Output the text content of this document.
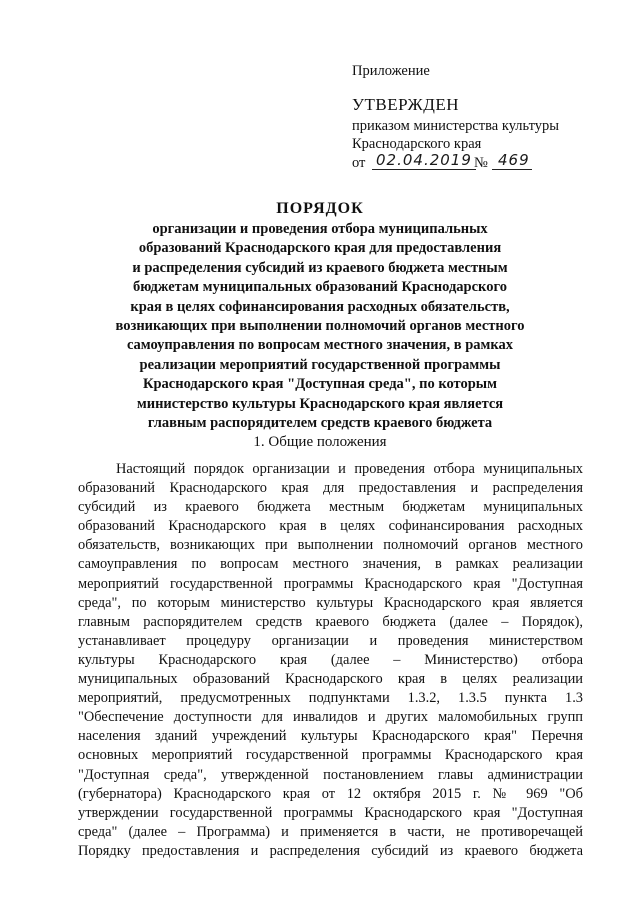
Приложение

УТВЕРЖДЕН

приказом министерства культуры

Краснодарского края

от 02.04.2019 № 469
ПОРЯДОК
организации и проведения отбора муниципальных
образований Краснодарского края для предоставления
и распределения субсидий из краевого бюджета местным
бюджетам муниципальных образований Краснодарского
края в целях софинансирования расходных обязательств,
возникающих при выполнении полномочий органов местного
самоуправления по вопросам местного значения, в рамках
реализации мероприятий государственной программы
Краснодарского края "Доступная среда", по которым
министерство культуры Краснодарского края является
главным распорядителем средств краевого бюджета
1. Общие положения
Настоящий порядок организации и проведения отбора муниципальных
образований Краснодарского края для предоставления и распределения
субсидий из краевого бюджета местным бюджетам муниципальных
образований Краснодарского края в целях софинансирования расходных
обязательств, возникающих при выполнении полномочий органов местного
самоуправления по вопросам местного значения, в рамках реализации
мероприятий государственной программы Краснодарского края "Доступная
среда", по которым министерство культуры Краснодарского края является
главным распорядителем средств краевого бюджета (далее – Порядок),
устанавливает процедуру организации и проведения министерством
культуры Краснодарского края (далее – Министерство) отбора
муниципальных образований Краснодарского края в целях реализации
мероприятий, предусмотренных подпунктами 1.3.2, 1.3.5 пункта 1.3
"Обеспечение доступности для инвалидов и других маломобильных групп
населения зданий учреждений культуры Краснодарского края" Перечня
основных мероприятий государственной программы Краснодарского края
"Доступная среда", утвержденной постановлением главы администрации
(губернатора) Краснодарского края от 12 октября 2015 г. № 969 "Об
утверждении государственной программы Краснодарского края "Доступная
среда" (далее – Программа) и применяется в части, не противоречащей
Порядку предоставления и распределения субсидий из краевого бюджета
